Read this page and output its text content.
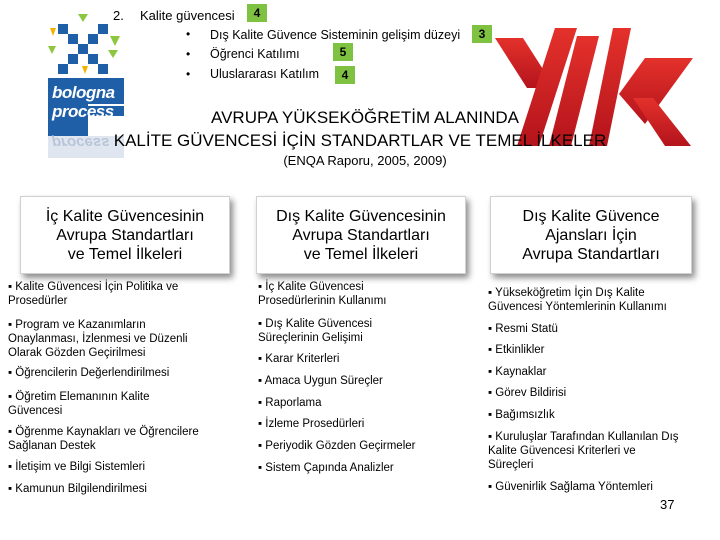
bologna
process
process
2. Kalite güvencesi	4
• Dış Kalite Güvence Sisteminin gelişim düzeyi	3
• Öğrenci Katılımı	5
• Uluslararası Katılım	4
AVRUPA YÜKSEKÖĞRETİM ALANINDA
KALİTE GÜVENCESİ İÇİN STANDARTLAR VE TEMEL İLKELER
(ENQA Raporu, 2005, 2009)
İç Kalite Güvencesinin
Avrupa Standartları
ve Temel İlkeleri
Dış Kalite Güvencesinin
Avrupa Standartları
ve Temel İlkeleri
Dış Kalite Güvence
Ajansları İçin
Avrupa Standartları
▪ Kalite Güvencesi İçin Politika ve
Prosedürler
▪ Program ve Kazanımların
Onaylanması, İzlenmesi ve Düzenli
Olarak Gözden Geçirilmesi
▪ Öğrencilerin Değerlendirilmesi
▪ Öğretim Elemanının Kalite
Güvencesi
▪ Öğrenme Kaynakları ve Öğrencilere
Sağlanan Destek
▪ İletişim ve Bilgi Sistemleri
▪ Kamunun Bilgilendirilmesi
▪ İç Kalite Güvencesi
Prosedürlerinin Kullanımı
▪ Dış Kalite Güvencesi
Süreçlerinin Gelişimi
▪ Karar Kriterleri
▪ Amaca Uygun Süreçler
▪ Raporlama
▪ İzleme Prosedürleri
▪ Periyodik Gözden Geçirmeler
▪ Sistem Çapında Analizler
▪ Yükseköğretim İçin Dış Kalite
Güvencesi Yöntemlerinin Kullanımı
▪ Resmi Statü
▪ Etkinlikler
▪ Kaynaklar
▪ Görev Bildirisi
▪ Bağımsızlık
▪ Kuruluşlar Tarafından Kullanılan Dış
Kalite Güvencesi Kriterleri ve
Süreçleri
▪ Güvenirlik Sağlama Yöntemleri
37
